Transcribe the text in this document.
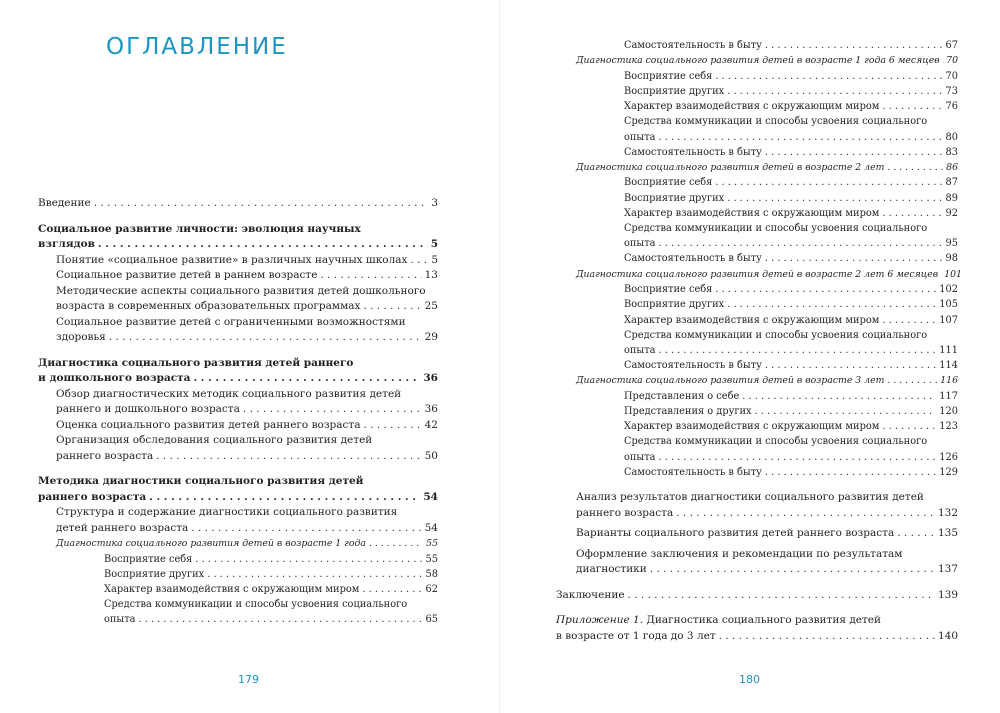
ОГЛАВЛЕНИЕ
Введение . . .	3
Социальное развитие личности: эволюция научных
взглядов . . .	5
Понятие «социальное развитие» в различных научных школах . . . 5
Социальное развитие детей в раннем возрасте . . .	13
Методические аспекты социального развития детей дошкольного
возраста в современных образовательных программах . . .	25
Социальное развитие детей с ограниченными возможностями
здоровья . . .	29
Диагностика социального развития детей раннего
и дошкольного возраста . . .	36
Обзор диагностических методик социального развития детей
раннего и дошкольного возраста . . .	36
Оценка социального развития детей раннего возраста . . .	42
Организация обследования социального развития детей
раннего возраста . . .	50
Методика диагностики социального развития детей
раннего возраста . . .	54
Структура и содержание диагностики социального развития
детей раннего возраста . . .	54
Диагностика социального развития детей в возрасте 1 года . . .	55
Восприятие себя . . .	55
Восприятие других . . .	58
Характер взаимодействия с окружающим миром . . .	62
Средства коммуникации и способы усвоения социального
опыта . . .	65
179	180
Самостоятельность в быту . . .	67
Диагностика социального развития детей в возрасте 1 года 6 месяцев . . . 70
Восприятие себя . . .	70
Восприятие других . . .	73
Характер взаимодействия с окружающим миром . . .	76
Средства коммуникации и способы усвоения социального
опыта . . .	80
Самостоятельность в быту . . .	83
Диагностика социального развития детей в возрасте 2 лет . . .	86
Восприятие себя . . .	87
Восприятие других . . .	89
Характер взаимодействия с окружающим миром . . .	92
Средства коммуникации и способы усвоения социального
опыта . . .	95
Самостоятельность в быту . . .	98
Диагностика социального развития детей в возрасте 2 лет 6 месяцев 101
Восприятие себя . . .	102
Восприятие других . . .	105
Характер взаимодействия с окружающим миром . . .	107
Средства коммуникации и способы усвоения социального
опыта . . .	111
Самостоятельность в быту . . .	114
Диагностика социального развития детей в возрасте 3 лет . . .	116
Представления о себе . . .	117
Представления о других . . .	120
Характер взаимодействия с окружающим миром . . .	123
Средства коммуникации и способы усвоения социального
опыта . . .	126
Самостоятельность в быту . . .	129
Анализ результатов диагностики социального развития детей
раннего возраста . . .	132
Варианты социального развития детей раннего возраста . . .	135
Оформление заключения и рекомендации по результатам
диагностики . . .	137
Заключение . . .	139
Приложение 1. Диагностика социального развития детей
в возрасте от 1 года до 3 лет . . .	140
